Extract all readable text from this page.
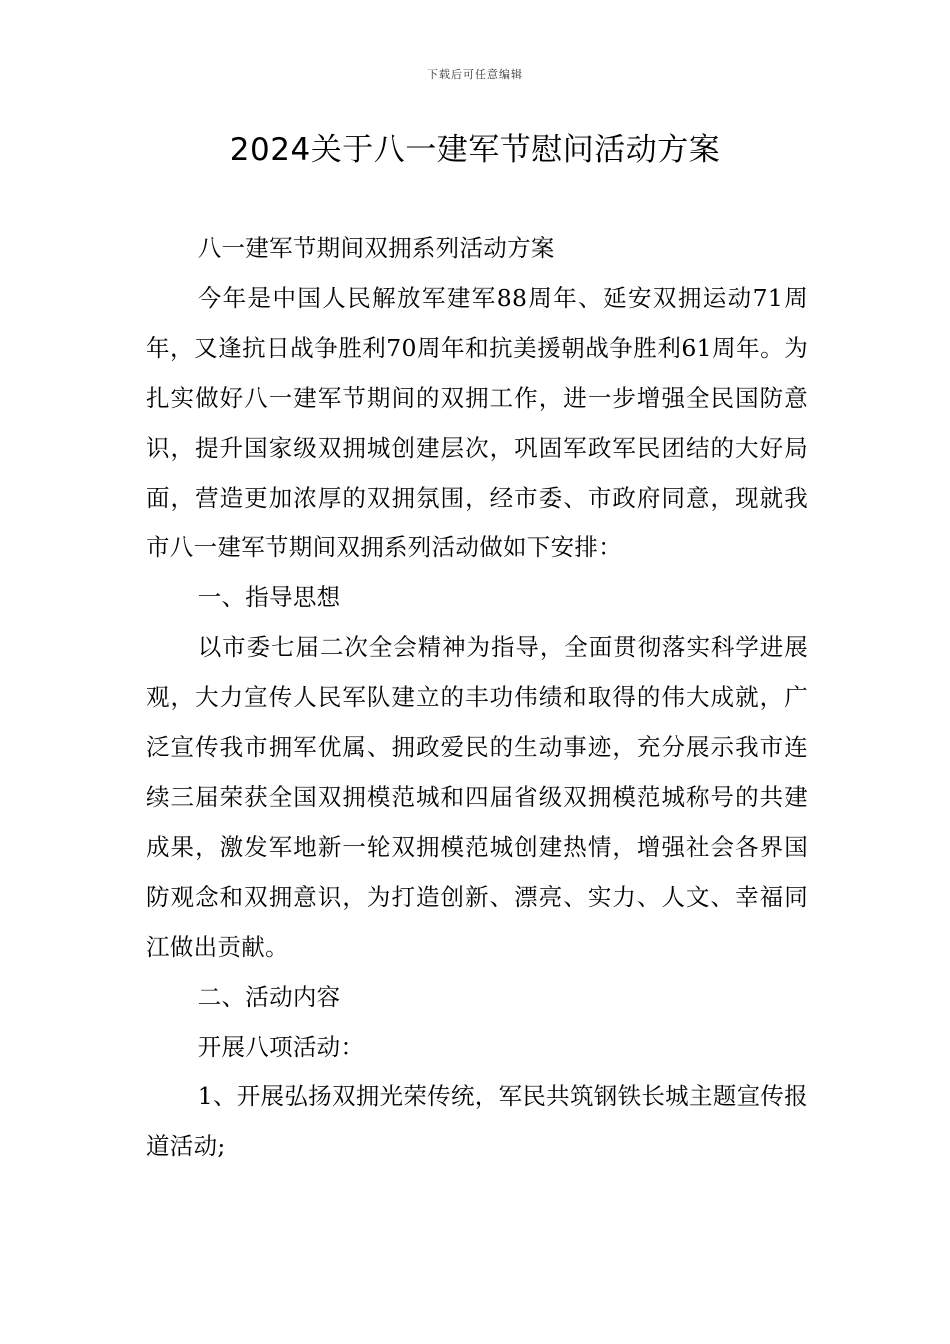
下载后可任意编辑
2024关于八一建军节慰问活动方案

八一建军节期间双拥系列活动方案

今年是中国人民解放军建军88周年、延安双拥运动71周年，又逢抗日战争胜利70周年和抗美援朝战争胜利61周年。为扎实做好八一建军节期间的双拥工作，进一步增强全民国防意识，提升国家级双拥城创建层次，巩固军政军民团结的大好局面，营造更加浓厚的双拥氛围，经市委、市政府同意，现就我市八一建军节期间双拥系列活动做如下安排：

一、指导思想

以市委七届二次全会精神为指导，全面贯彻落实科学进展观，大力宣传人民军队建立的丰功伟绩和取得的伟大成就，广泛宣传我市拥军优属、拥政爱民的生动事迹，充分展示我市连续三届荣获全国双拥模范城和四届省级双拥模范城称号的共建成果，激发军地新一轮双拥模范城创建热情，增强社会各界国防观念和双拥意识，为打造创新、漂亮、实力、人文、幸福同江做出贡献。

二、活动内容

开展八项活动：

1、开展弘扬双拥光荣传统，军民共筑钢铁长城主题宣传报道活动;
